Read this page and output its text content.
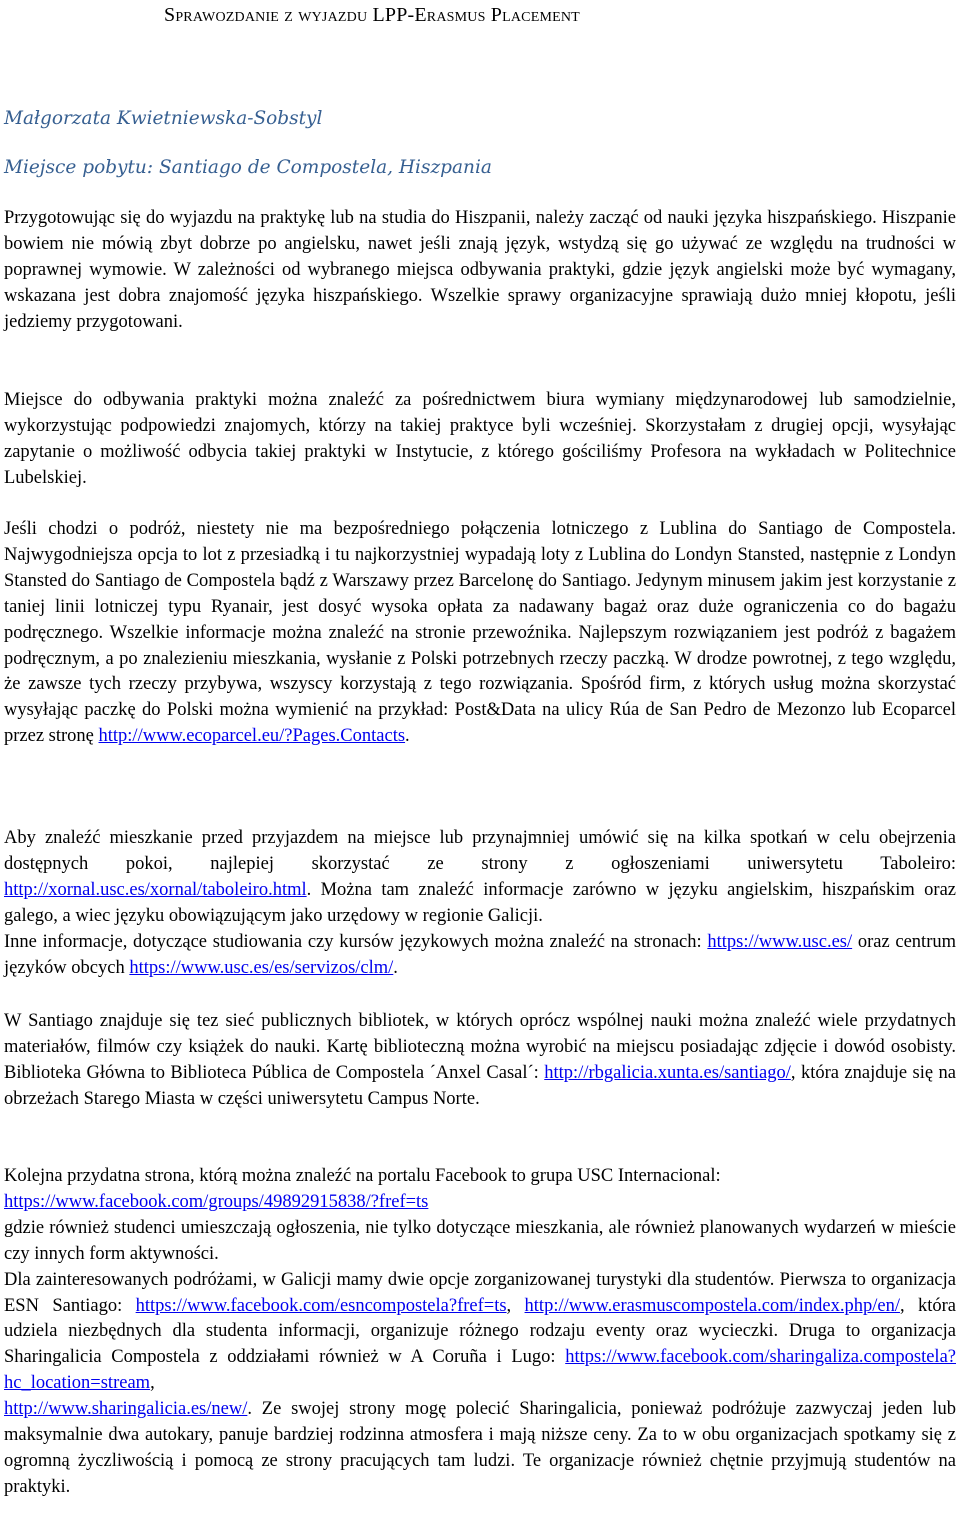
Sprawozdanie z wyjazdu LPP-Erasmus Placement
Małgorzata Kwietniewska-Sobstyl
Miejsce pobytu: Santiago de Compostela, Hiszpania

Przygotowując się do wyjazdu na praktykę lub na studia do Hiszpanii, należy zacząć od nauki języka hiszpańskiego. Hiszpanie bowiem nie mówią zbyt dobrze po angielsku, nawet jeśli znają język, wstydzą się go używać ze względu na trudności w poprawnej wymowie. W zależności od wybranego miejsca odbywania praktyki, gdzie język angielski może być wymagany, wskazana jest dobra znajomość języka hiszpańskiego. Wszelkie sprawy organizacyjne sprawiają dużo mniej kłopotu, jeśli jedziemy przygotowani.

Miejsce do odbywania praktyki można znaleźć za pośrednictwem biura wymiany międzynarodowej lub samodzielnie, wykorzystując podpowiedzi znajomych, którzy na takiej praktyce byli wcześniej. Skorzystałam z drugiej opcji, wysyłając zapytanie o możliwość odbycia takiej praktyki w Instytucie, z którego gościliśmy Profesora na wykładach w Politechnice Lubelskiej.

Jeśli chodzi o podróż, niestety nie ma bezpośredniego połączenia lotniczego z Lublina do Santiago de Compostela. Najwygodniejsza opcja to lot z przesiadką i tu najkorzystniej wypadają loty z Lublina do Londyn Stansted, następnie z Londyn Stansted do Santiago de Compostela bądź z Warszawy przez Barcelonę do Santiago. Jedynym minusem jakim jest korzystanie z taniej linii lotniczej typu Ryanair, jest dosyć wysoka opłata za nadawany bagaż oraz duże ograniczenia co do bagażu podręcznego. Wszelkie informacje można znaleźć na stronie przewoźnika. Najlepszym rozwiązaniem jest podróż z bagażem podręcznym, a po znalezieniu mieszkania, wysłanie z Polski potrzebnych rzeczy paczką. W drodze powrotnej, z tego względu, że zawsze tych rzeczy przybywa, wszyscy korzystają z tego rozwiązania. Spośród firm, z których usług można skorzystać wysyłając paczkę do Polski można wymienić na przykład: Post&Data na ulicy Rúa de San Pedro de Mezonzo lub Ecoparcel przez stronę http://www.ecoparcel.eu/?Pages.Contacts.

Aby znaleźć mieszkanie przed przyjazdem na miejsce lub przynajmniej umówić się na kilka spotkań w celu obejrzenia dostępnych pokoi, najlepiej skorzystać ze strony z ogłoszeniami uniwersytetu Taboleiro: http://xornal.usc.es/xornal/taboleiro.html. Można tam znaleźć informacje zarówno w języku angielskim, hiszpańskim oraz galego, a wiec języku obowiązującym jako urzędowy w regionie Galicji.
Inne informacje, dotyczące studiowania czy kursów językowych można znaleźć na stronach: https://www.usc.es/ oraz centrum języków obcych https://www.usc.es/es/servizos/clm/.

W Santiago znajduje się tez sieć publicznych bibliotek, w których oprócz wspólnej nauki można znaleźć wiele przydatnych materiałów, filmów czy książek do nauki. Kartę biblioteczną można wyrobić na miejscu posiadając zdjęcie i dowód osobisty. Biblioteka Główna to Biblioteca Pública de Compostela ´Anxel Casal´: http://rbgalicia.xunta.es/santiago/, która znajduje się na obrzeżach Starego Miasta w części uniwersytetu Campus Norte.

Kolejna przydatna strona, którą można znaleźć na portalu Facebook to grupa USC Internacional:
https://www.facebook.com/groups/49892915838/?fref=ts
gdzie również studenci umieszczają ogłoszenia, nie tylko dotyczące mieszkania, ale również planowanych wydarzeń w mieście czy innych form aktywności.
Dla zainteresowanych podróżami, w Galicji mamy dwie opcje zorganizowanej turystyki dla studentów. Pierwsza to organizacja ESN Santiago: https://www.facebook.com/esncompostela?fref=ts, http://www.erasmuscompostela.com/index.php/en/, która udziela niezbędnych dla studenta informacji, organizuje różnego rodzaju eventy oraz wycieczki. Druga to organizacja Sharingalicia Compostela z oddziałami również w A Coruña i Lugo: https://www.facebook.com/sharingaliza.compostela?hc_location=stream,
http://www.sharingalicia.es/new/. Ze swojej strony mogę polecić Sharingalicia, ponieważ podróżuje zazwyczaj jeden lub maksymalnie dwa autokary, panuje bardziej rodzinna atmosfera i mają niższe ceny. Za to w obu organizacjach spotkamy się z ogromną życzliwością i pomocą ze strony pracujących tam ludzi. Te organizacje również chętnie przyjmują studentów na praktyki.
